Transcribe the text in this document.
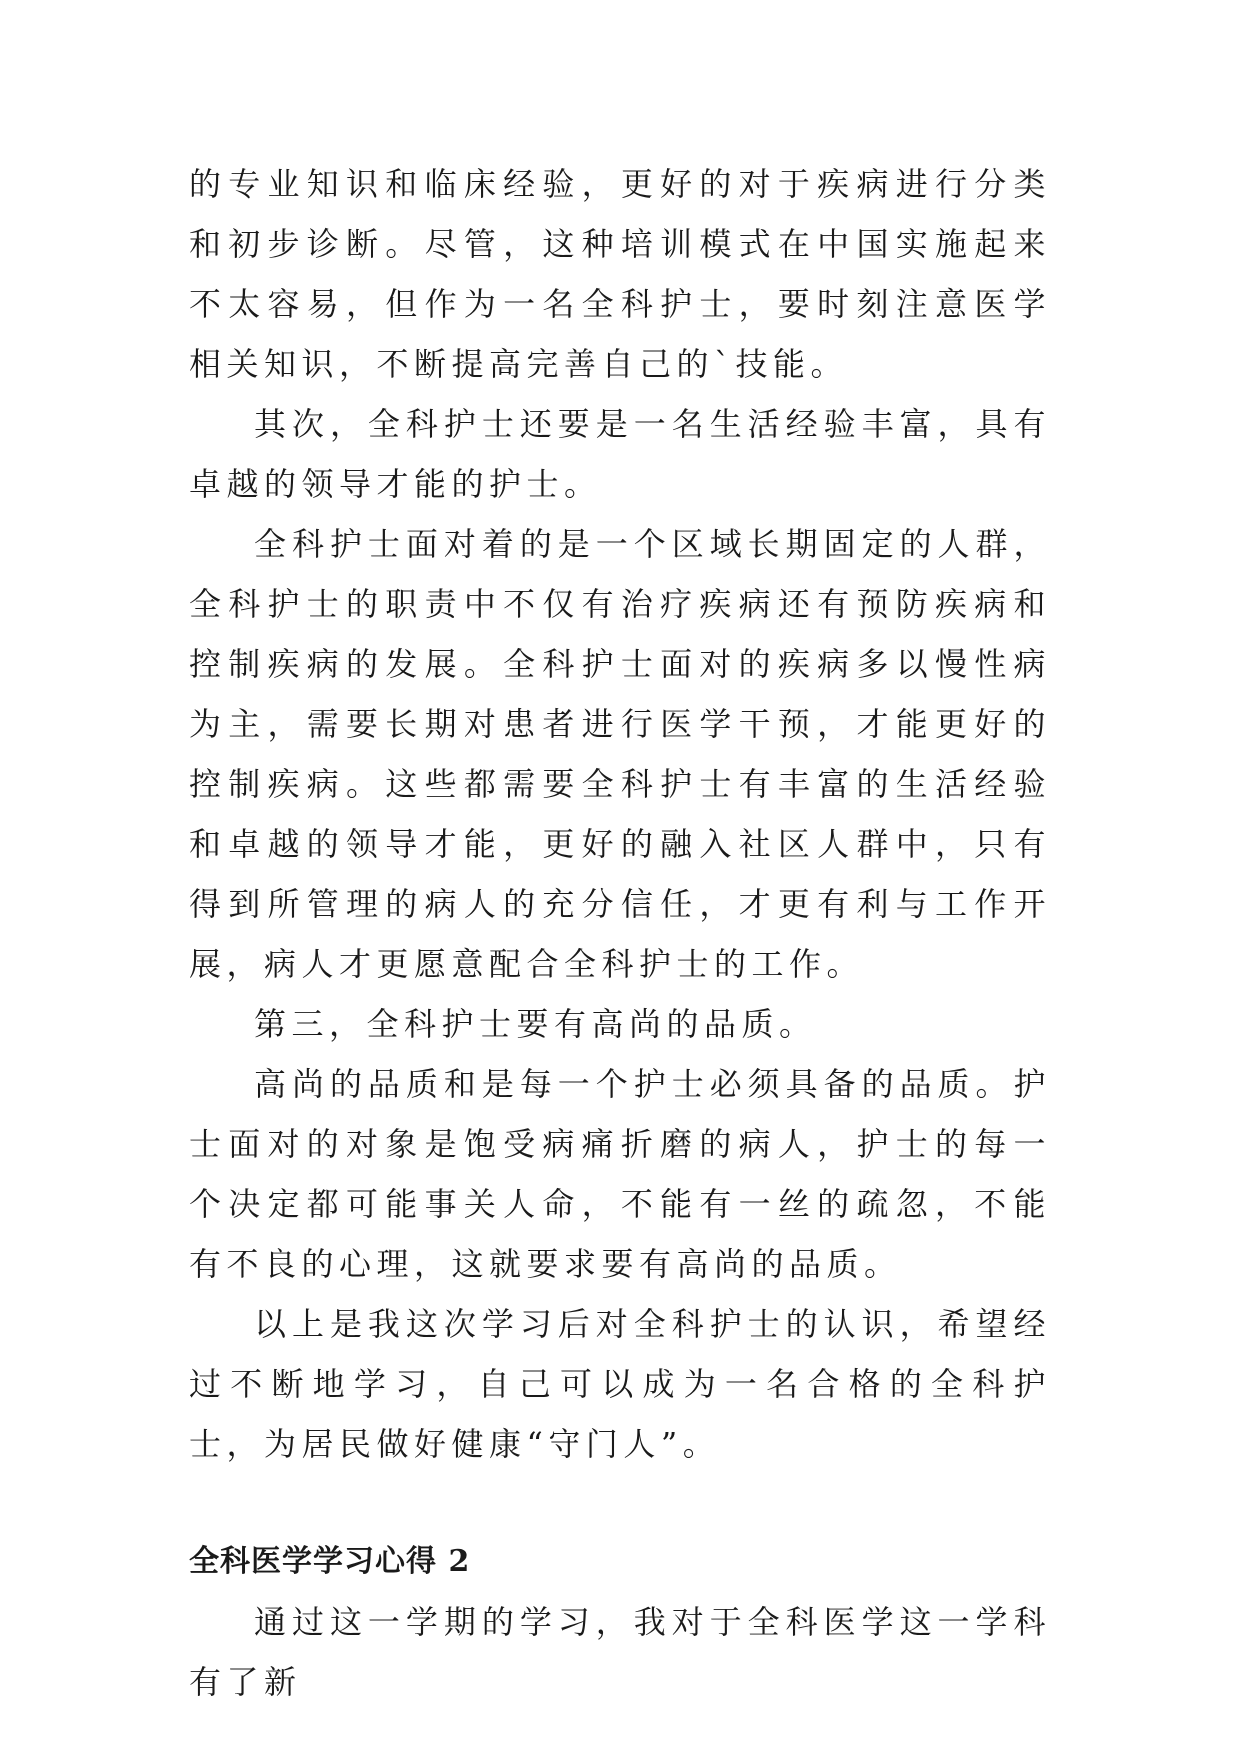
的专业知识和临床经验，更好的对于疾病进行分类和初步诊断。尽管，这种培训模式在中国实施起来不太容易，但作为一名全科护士，要时刻注意医学相关知识，不断提高完善自己的`技能。

其次，全科护士还要是一名生活经验丰富，具有卓越的领导才能的护士。

全科护士面对着的是一个区域长期固定的人群，全科护士的职责中不仅有治疗疾病还有预防疾病和控制疾病的发展。全科护士面对的疾病多以慢性病为主，需要长期对患者进行医学干预，才能更好的控制疾病。这些都需要全科护士有丰富的生活经验和卓越的领导才能，更好的融入社区人群中，只有得到所管理的病人的充分信任，才更有利与工作开展，病人才更愿意配合全科护士的工作。

第三，全科护士要有高尚的品质。

高尚的品质和是每一个护士必须具备的品质。护士面对的对象是饱受病痛折磨的病人，护士的每一个决定都可能事关人命，不能有一丝的疏忽，不能有不良的心理，这就要求要有高尚的品质。

以上是我这次学习后对全科护士的认识，希望经过不断地学习，自己可以成为一名合格的全科护士，为居民做好健康“守门人”。

全科医学学习心得 2

通过这一学期的学习，我对于全科医学这一学科有了新
